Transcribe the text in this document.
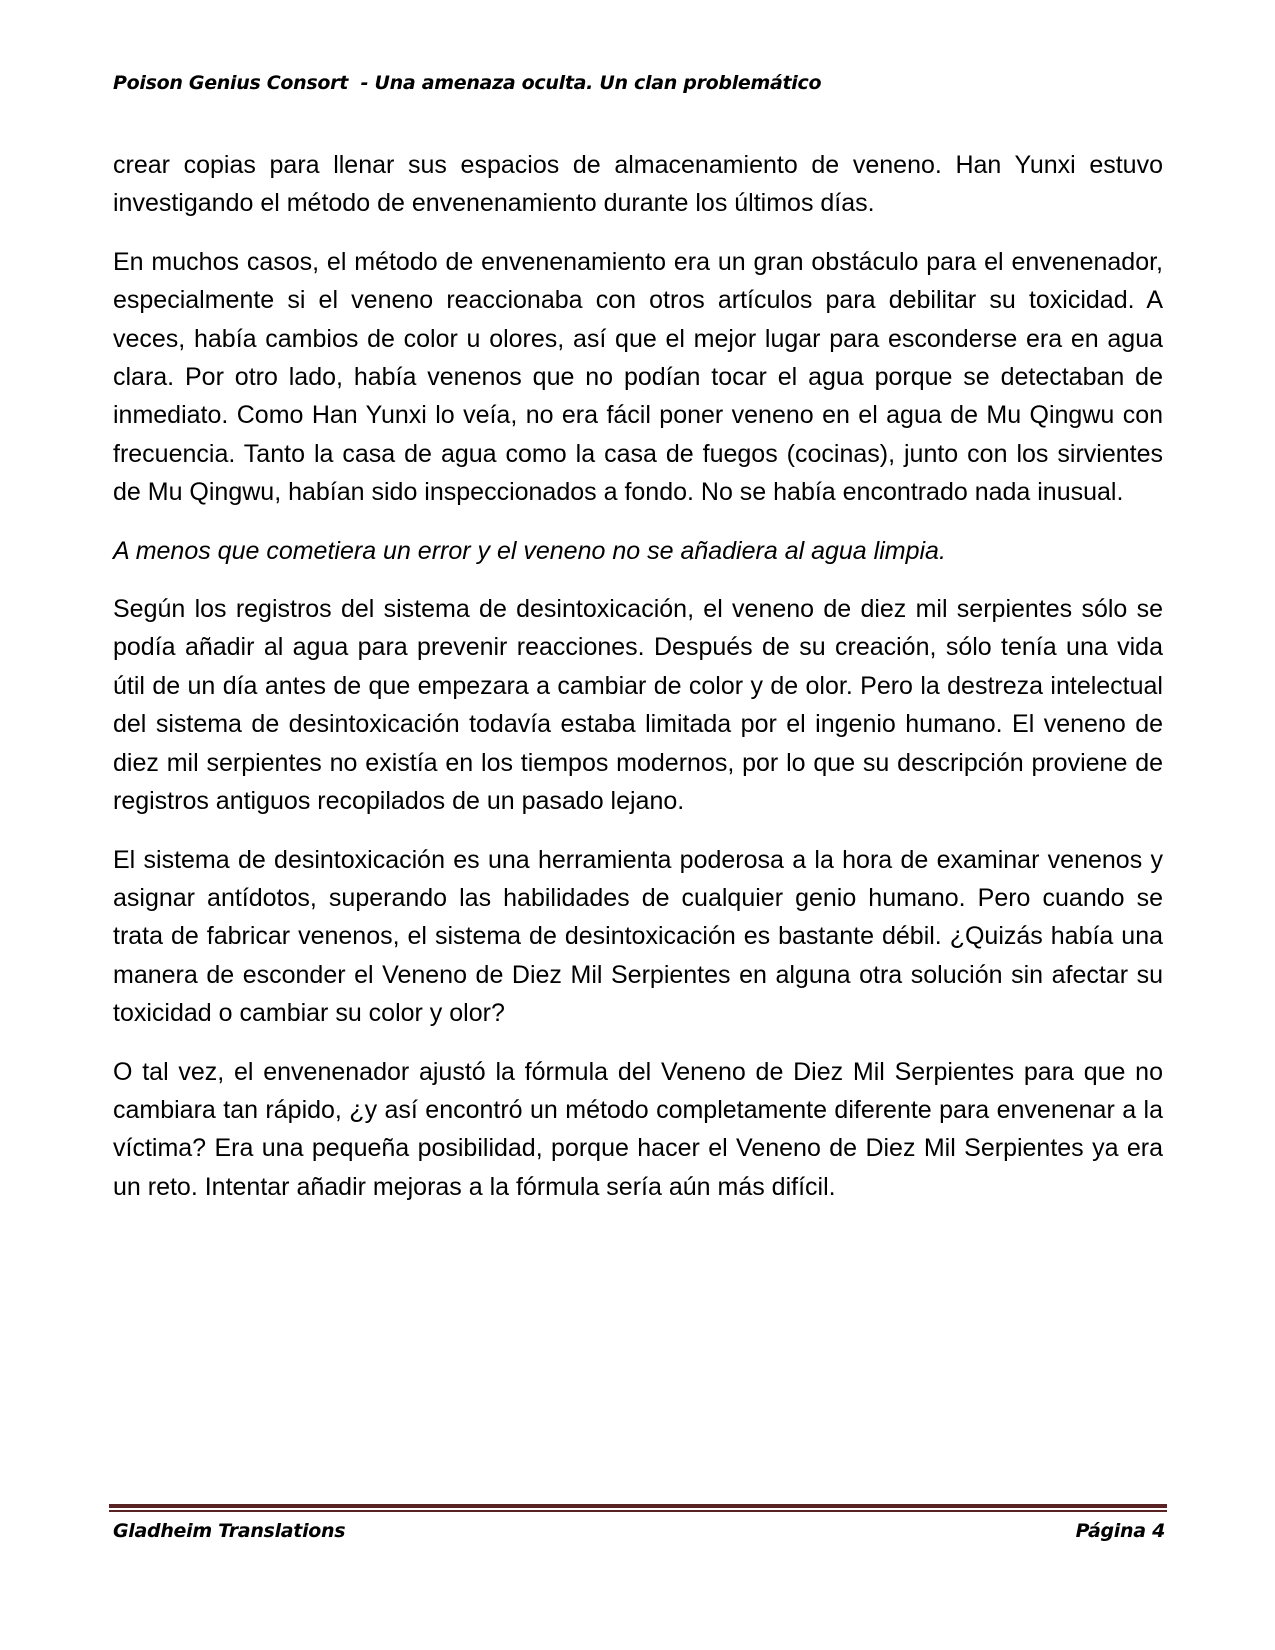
Poison Genius Consort  - Una amenaza oculta. Un clan problemático

crear copias para llenar sus espacios de almacenamiento de veneno. Han Yunxi estuvo investigando el método de envenenamiento durante los últimos días.

En muchos casos, el método de envenenamiento era un gran obstáculo para el envenenador, especialmente si el veneno reaccionaba con otros artículos para debilitar su toxicidad. A veces, había cambios de color u olores, así que el mejor lugar para esconderse era en agua clara. Por otro lado, había venenos que no podían tocar el agua porque se detectaban de inmediato. Como Han Yunxi lo veía, no era fácil poner veneno en el agua de Mu Qingwu con frecuencia. Tanto la casa de agua como la casa de fuegos (cocinas), junto con los sirvientes de Mu Qingwu, habían sido inspeccionados a fondo. No se había encontrado nada inusual.

A menos que cometiera un error y el veneno no se añadiera al agua limpia.

Según los registros del sistema de desintoxicación, el veneno de diez mil serpientes sólo se podía añadir al agua para prevenir reacciones. Después de su creación, sólo tenía una vida útil de un día antes de que empezara a cambiar de color y de olor. Pero la destreza intelectual del sistema de desintoxicación todavía estaba limitada por el ingenio humano. El veneno de diez mil serpientes no existía en los tiempos modernos, por lo que su descripción proviene de registros antiguos recopilados de un pasado lejano.

El sistema de desintoxicación es una herramienta poderosa a la hora de examinar venenos y asignar antídotos, superando las habilidades de cualquier genio humano. Pero cuando se trata de fabricar venenos, el sistema de desintoxicación es bastante débil. ¿Quizás había una manera de esconder el Veneno de Diez Mil Serpientes en alguna otra solución sin afectar su toxicidad o cambiar su color y olor?

O tal vez, el envenenador ajustó la fórmula del Veneno de Diez Mil Serpientes para que no cambiara tan rápido, ¿y así encontró un método completamente diferente para envenenar a la víctima? Era una pequeña posibilidad, porque hacer el Veneno de Diez Mil Serpientes ya era un reto. Intentar añadir mejoras a la fórmula sería aún más difícil.

Gladheim Translations	Página 4
